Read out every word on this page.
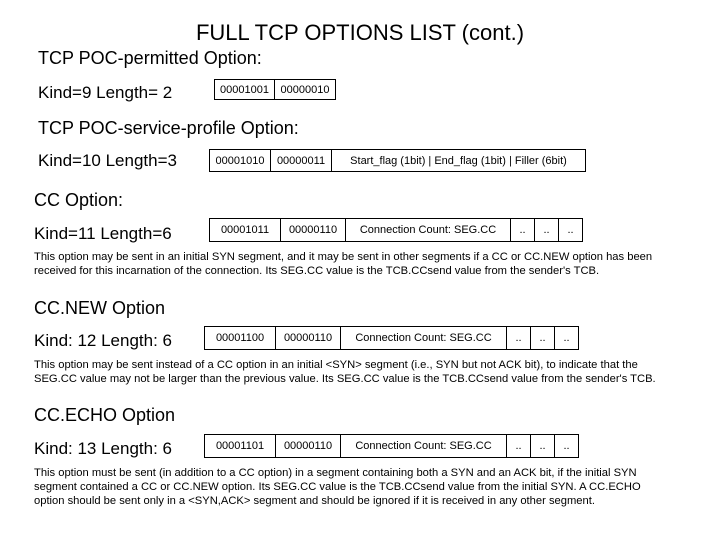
FULL TCP OPTIONS LIST (cont.)
TCP POC-permitted Option:
Kind=9 Length= 2	00001001	00000010
TCP POC-service-profile Option:
Kind=10 Length=3	00001010	00000011	Start_flag (1bit) | End_flag (1bit) | Filler (6bit)
CC Option:
Kind=11 Length=6	00001011	00000110	Connection Count: SEG.CC	..	..	..
This option may be sent in an initial SYN segment, and it may be sent in other segments if a CC or CC.NEW option has been received for this incarnation of the connection. Its SEG.CC value is the TCB.CCsend value from the sender's TCB.
CC.NEW Option
Kind: 12 Length: 6	00001100	00000110	Connection Count: SEG.CC	..	..	..
This option may be sent instead of a CC option in an initial <SYN> segment (i.e., SYN but not ACK bit), to indicate that the SEG.CC value may not be larger than the previous value. Its SEG.CC value is the TCB.CCsend value from the sender's TCB.
CC.ECHO Option
Kind: 13 Length: 6	00001101	00000110	Connection Count: SEG.CC	..	..	..
This option must be sent (in addition to a CC option) in a segment containing both a SYN and an ACK bit, if the initial SYN segment contained a CC or CC.NEW option. Its SEG.CC value is the TCB.CCsend value from the initial SYN. A CC.ECHO option should be sent only in a <SYN,ACK> segment and should be ignored if it is received in any other segment.
